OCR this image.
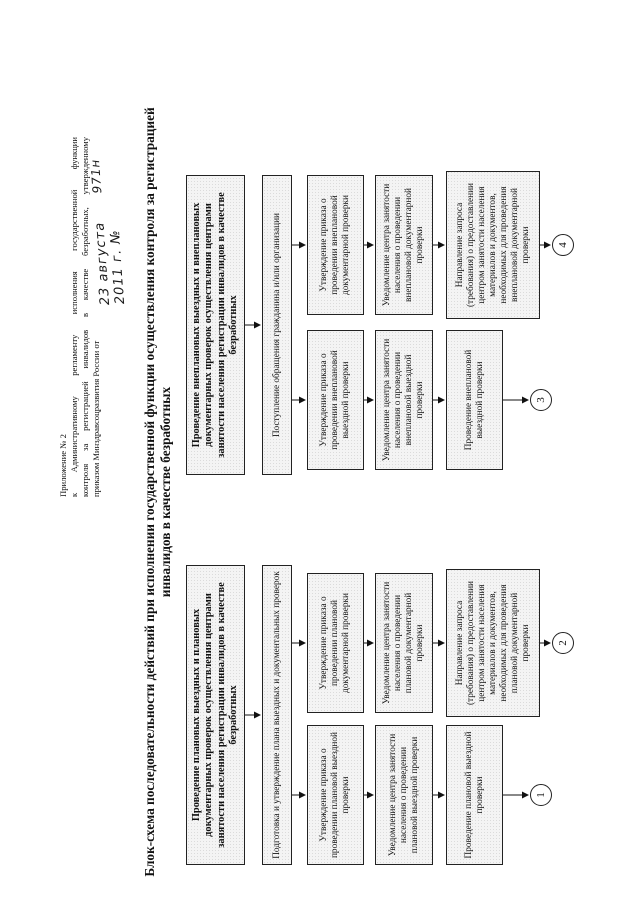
Приложение № 2 к Административному регламенту исполнения государственной функции контроля за регистрацией инвалидов в качестве безработных, утвержденному приказом Минздравсоцразвития России от
23 августа 2011 г. №
971н	Блок-схема последовательности действий при исполнении государственной функции осуществления контроля за регистрацией инвалидов в качестве безработных
Проведение плановых выездных и плановых документарных проверок осуществления центрами занятости населения регистрации инвалидов в качестве безработных	Подготовка и утверждение плана выездных и документальных проверок	Утверждение приказа о проведении плановой выездной проверки	Уведомление центра занятости населения о проведении плановой выездной проверки	Проведение плановой выездной проверки	1
Утверждение приказа о проведении плановой документарной проверки	Уведомление центра занятости населения о проведении плановой документарной проверки	Направление запроса (требования) о предоставлении центром занятости населения материалов и документов, необходимых для проведения плановой документарной проверки	2
Проведение внеплановых выездных и внеплановых документарных проверок осуществления центрами занятости населения регистрации инвалидов в качестве безработных	Поступление обращения гражданина и/или организации	Утверждение приказа о проведении внеплановой выездной проверки	Уведомление центра занятости населения о проведении внеплановой выездной проверки	Проведение внеплановой выездной проверки	3
Утверждение приказа о проведении внеплановой документарной проверки	Уведомление центра занятости населения о проведении внеплановой документарной проверки	Направление запроса (требования) о предоставлении центром занятости населения материалов и документов, необходимых для проведения внеплановой документарной проверки	4
